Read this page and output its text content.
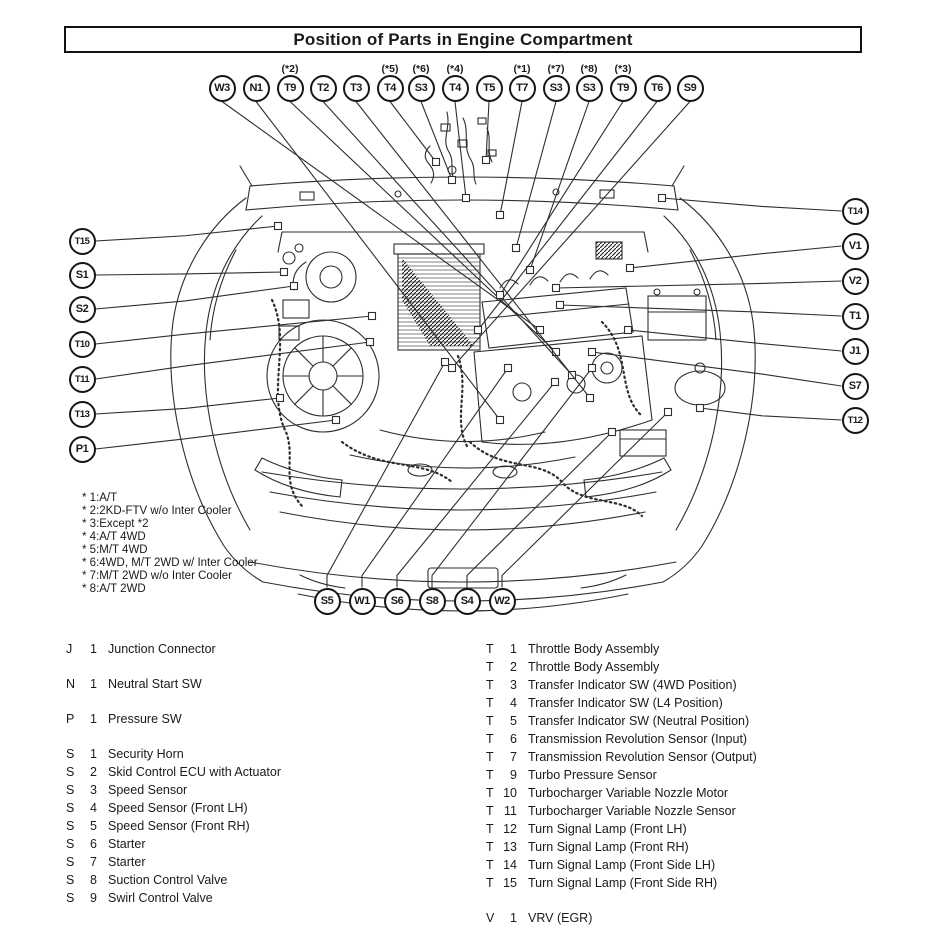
Position of Parts in Engine Compartment
W3	N1	T9
(*2)
T2	T3	T4
(*5)
S3
(*6)
T4
(*4)
T5	T7
(*1)
S3
(*7)
S3
(*8)
T9
(*3)
T6	S9
T15
S1
S2
T10
T11
T13
P1
T14
V1
V2
T1
J1
S7
T12
S5	W1	S6	S8	S4	W2
* 1:A/T
* 2:2KD-FTV w/o Inter Cooler
* 3:Except *2
* 4:A/T 4WD
* 5:M/T 4WD
* 6:4WD, M/T 2WD w/ Inter Cooler
* 7:M/T 2WD w/o Inter Cooler
* 8:A/T 2WD
J	1 Junction Connector
N	1 Neutral Start SW
P	1 Pressure SW
S	1 Security Horn
S	2 Skid Control ECU with Actuator
S	3 Speed Sensor
S	4 Speed Sensor (Front LH)
S	5 Speed Sensor (Front RH)
S	6 Starter
S	7 Starter
S	8 Suction Control Valve
S	9 Swirl Control Valve
T	1 Throttle Body Assembly
T	2 Throttle Body Assembly
T	3 Transfer Indicator SW (4WD Position)
T	4 Transfer Indicator SW (L4 Position)
T	5 Transfer Indicator SW (Neutral Position)
T	6 Transmission Revolution Sensor (Input)
T	7 Transmission Revolution Sensor (Output)
T	9 Turbo Pressure Sensor
T 10 Turbocharger Variable Nozzle Motor
T 11 Turbocharger Variable Nozzle Sensor
T 12 Turn Signal Lamp (Front LH)
T 13 Turn Signal Lamp (Front RH)
T 14 Turn Signal Lamp (Front Side LH)
T 15 Turn Signal Lamp (Front Side RH)
V	1 VRV (EGR)
